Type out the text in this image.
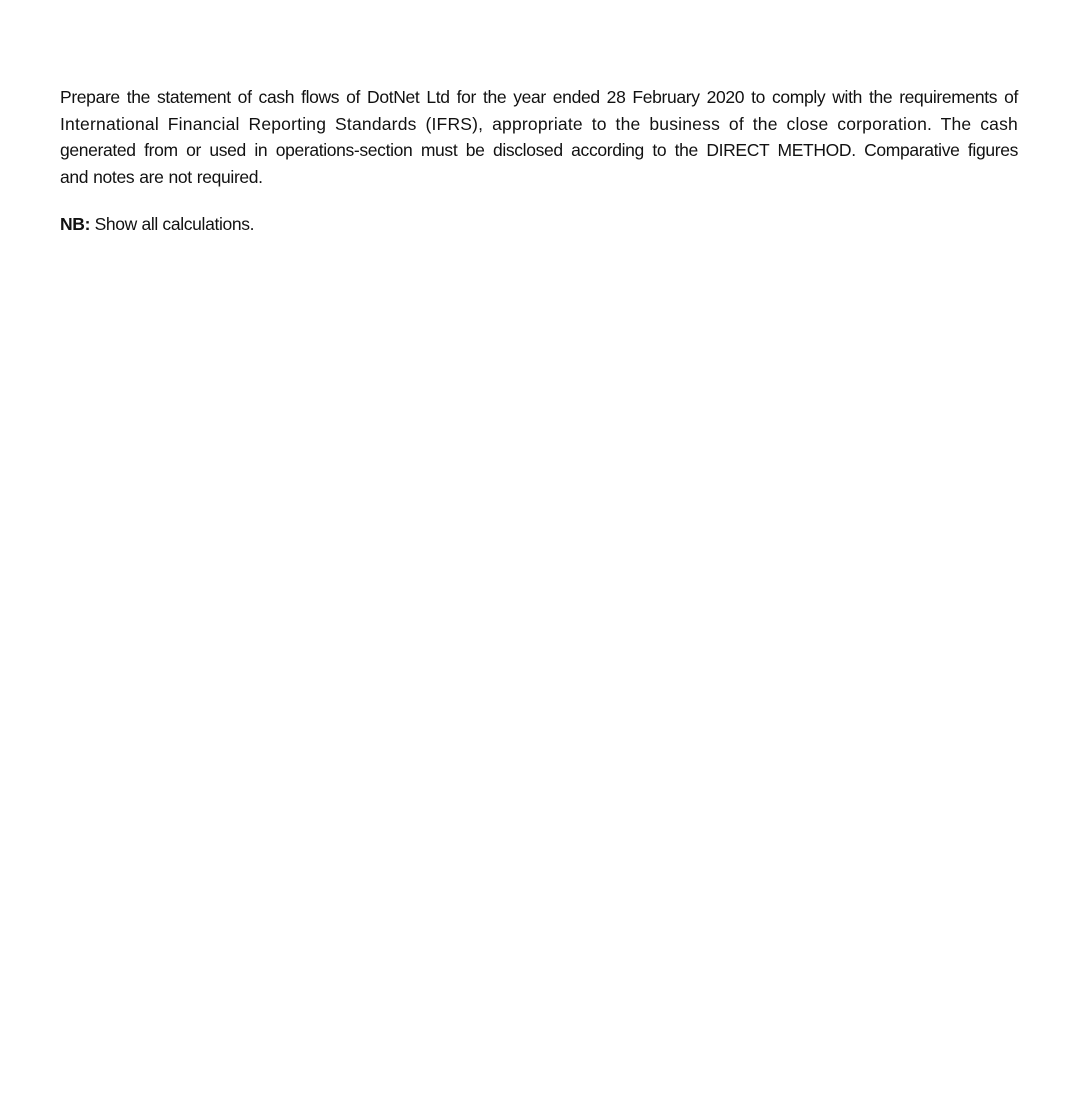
Prepare the statement of cash flows of DotNet Ltd for the year ended 28 February 2020 to comply with the requirements of
International Financial Reporting Standards (IFRS), appropriate to the business of the close corporation. The cash
generated from or used in operations-section must be disclosed according to the DIRECT METHOD. Comparative figures
and notes are not required.

NB: Show all calculations.
